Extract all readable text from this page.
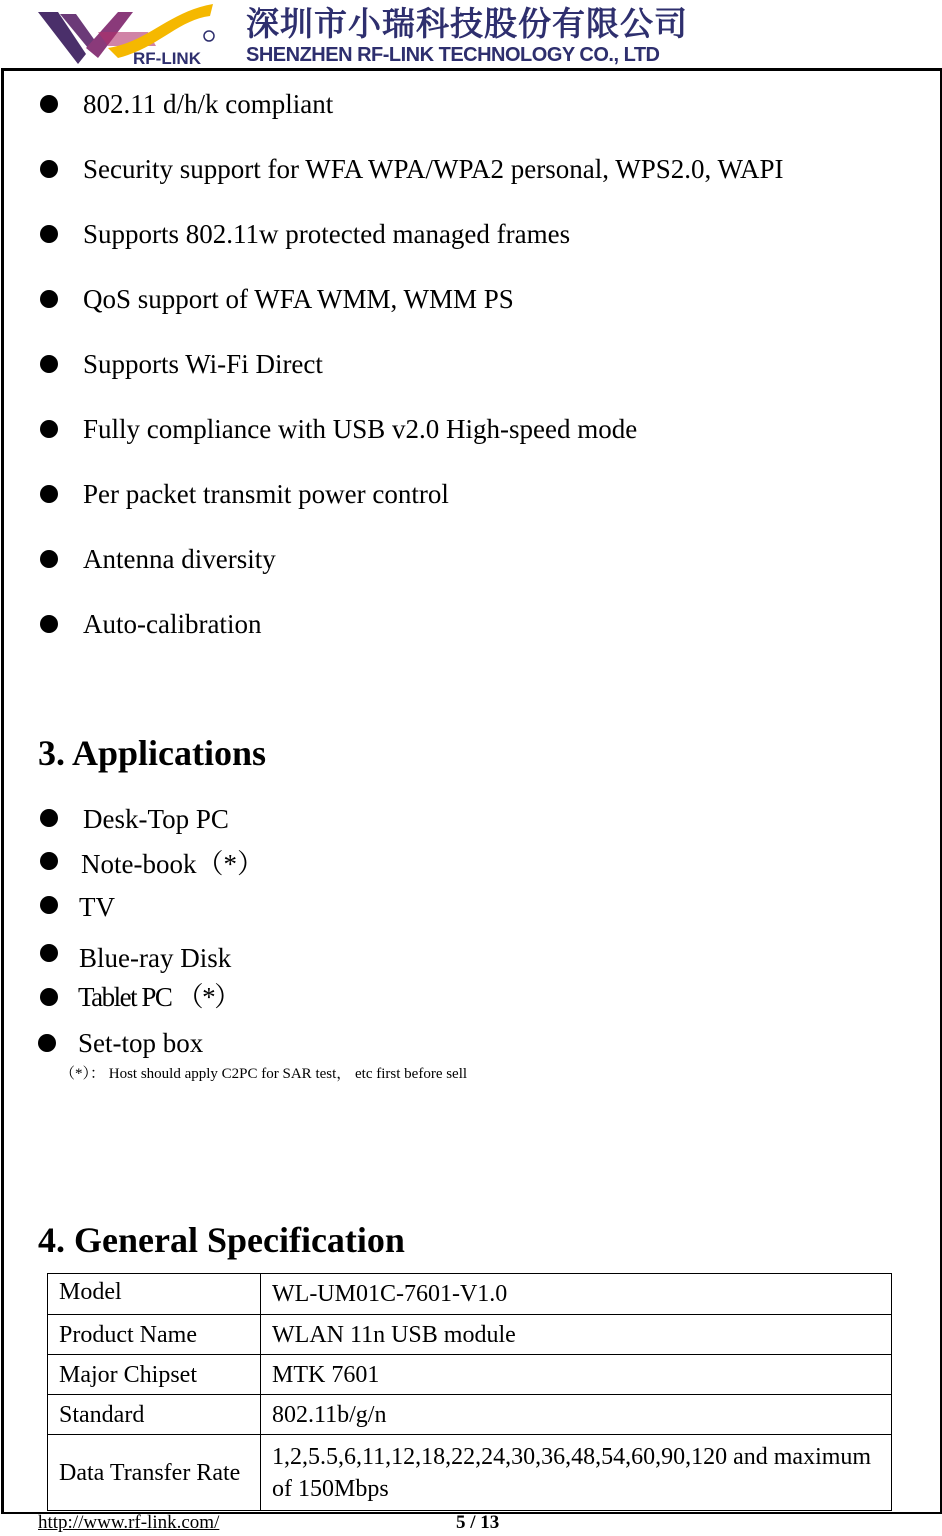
RF-LINK
深圳市小瑞科技股份有限公司
SHENZHEN RF-LINK TECHNOLOGY CO., LTD
802.11 d/h/k compliant
Security support for WFA WPA/WPA2 personal, WPS2.0, WAPI
Supports 802.11w protected managed frames
QoS support of WFA WMM, WMM PS
Supports Wi-Fi Direct
Fully compliance with USB v2.0 High-speed mode
Per packet transmit power control
Antenna diversity
Auto-calibration
3. Applications
Desk-Top PC
Note-book（*）
TV
Blue-ray Disk
Tablet PC （*）
Set-top box
（*）： Host should apply C2PC for SAR test， etc first before sell
4. General Specification
Model	WL-UM01C-7601-V1.0
Product Name	WLAN 11n USB module
Major Chipset	MTK 7601
Standard	802.11b/g/n
Data Transfer Rate	1,2,5.5,6,11,12,18,22,24,30,36,48,54,60,90,120 and maximum of 150Mbps
http://www.rf-link.com/	5 / 13
